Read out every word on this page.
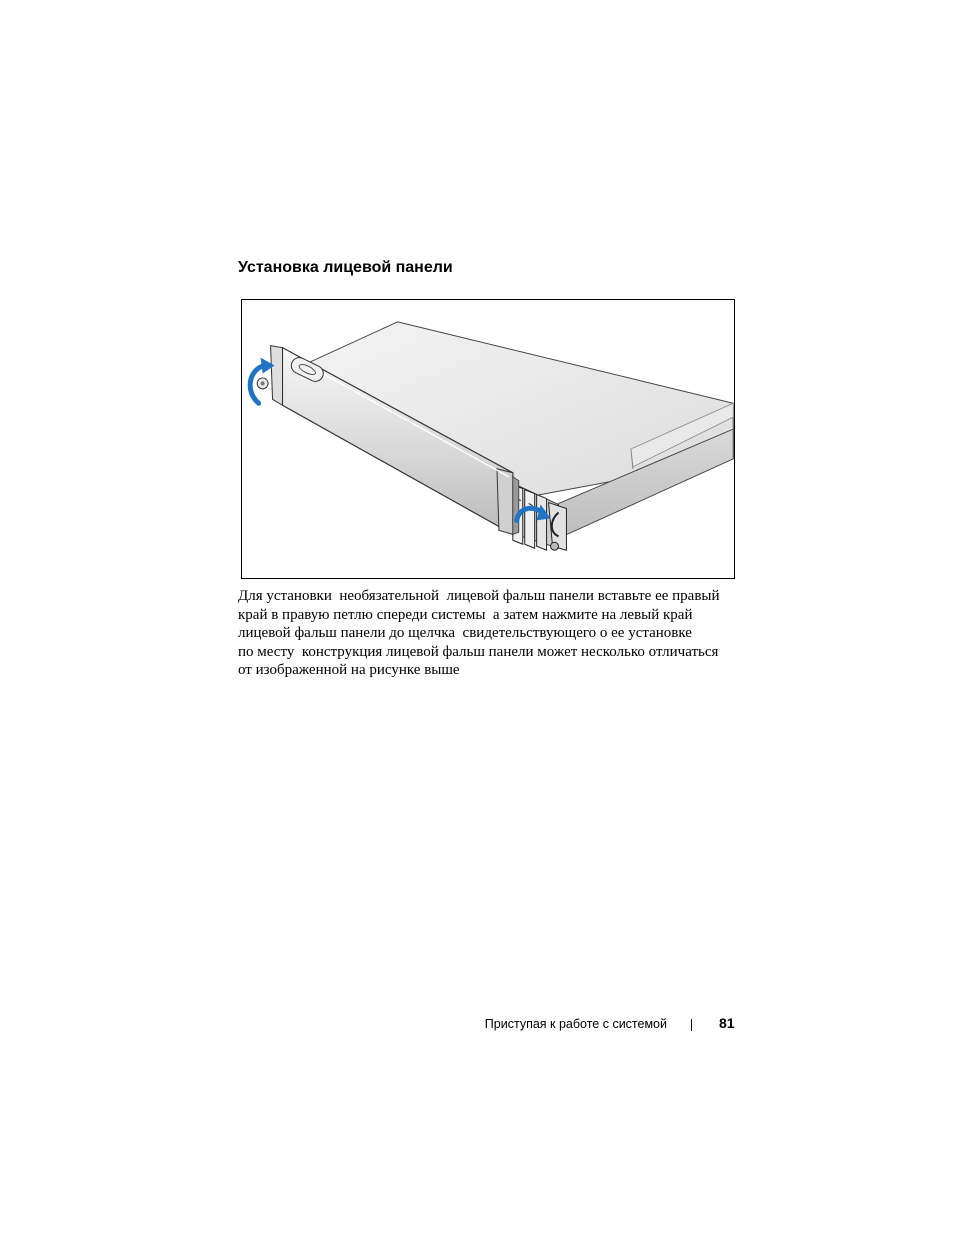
Установка лицевой панели
Для установки  необязательной  лицевой фальш панели вставьте ее правый
край в правую петлю спереди системы  а затем нажмите на левый край
лицевой фальш панели до щелчка  свидетельствующего о ее установке
по месту  конструкция лицевой фальш панели может несколько отличаться
от изображенной на рисунке выше
Приступая к работе с системой	81
